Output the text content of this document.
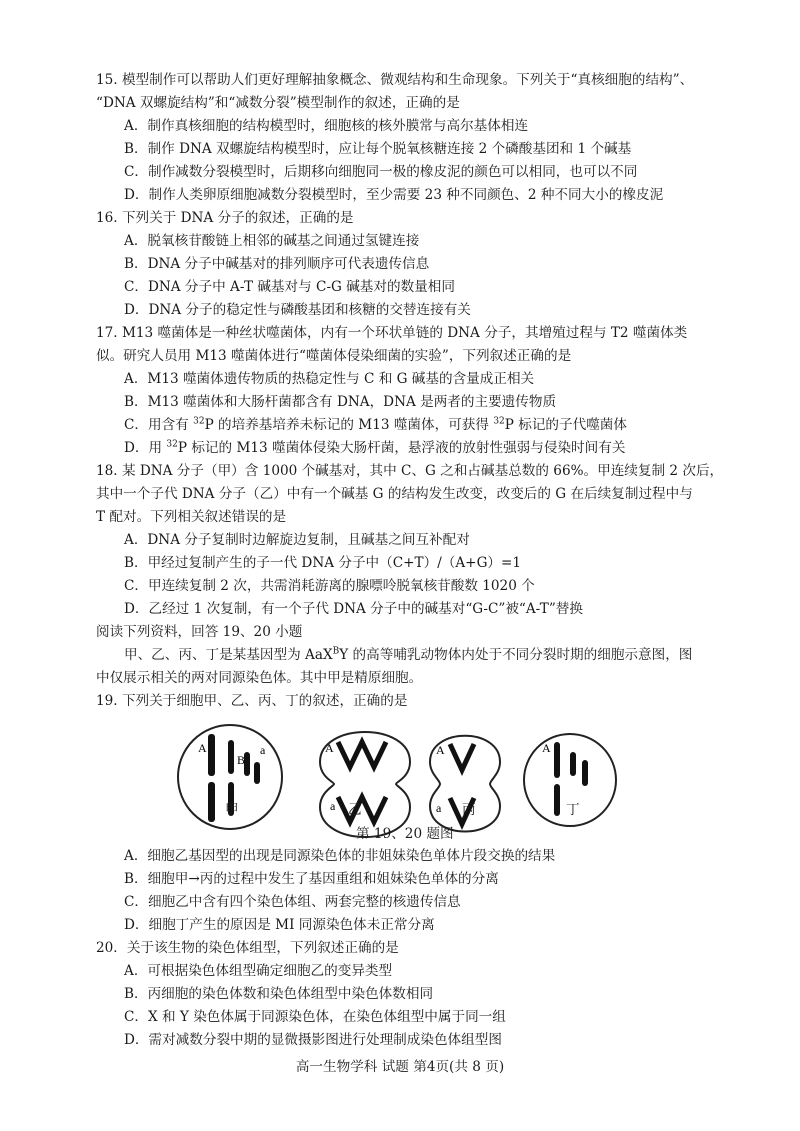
15. 模型制作可以帮助人们更好理解抽象概念、微观结构和生命现象。下列关于“真核细胞的结构”、
“DNA 双螺旋结构”和“减数分裂”模型制作的叙述，正确的是
A．制作真核细胞的结构模型时，细胞核的核外膜常与高尔基体相连
B．制作 DNA 双螺旋结构模型时，应让每个脱氧核糖连接 2 个磷酸基团和 1 个碱基
C．制作减数分裂模型时，后期移向细胞同一极的橡皮泥的颜色可以相同，也可以不同
D．制作人类卵原细胞减数分裂模型时，至少需要 23 种不同颜色、2 种不同大小的橡皮泥
16. 下列关于 DNA 分子的叙述，正确的是
A．脱氧核苷酸链上相邻的碱基之间通过氢键连接
B．DNA 分子中碱基对的排列顺序可代表遗传信息
C．DNA 分子中 A-T 碱基对与 C-G 碱基对的数量相同
D．DNA 分子的稳定性与磷酸基团和核糖的交替连接有关
17. M13 噬菌体是一种丝状噬菌体，内有一个环状单链的 DNA 分子，其增殖过程与 T2 噬菌体类
似。研究人员用 M13 噬菌体进行“噬菌体侵染细菌的实验”，下列叙述正确的是
A．M13 噬菌体遗传物质的热稳定性与 C 和 G 碱基的含量成正相关
B．M13 噬菌体和大肠杆菌都含有 DNA，DNA 是两者的主要遗传物质
C．用含有 $^{32}$P 的培养基培养未标记的 M13 噬菌体，可获得 $^{32}$P 标记的子代噬菌体
D．用 $^{32}$P 标记的 M13 噬菌体侵染大肠杆菌，悬浮液的放射性强弱与侵染时间有关
18. 某 DNA 分子（甲）含 1000 个碱基对，其中 C、G 之和占碱基总数的 66%。甲连续复制 2 次后，
其中一个子代 DNA 分子（乙）中有一个碱基 G 的结构发生改变，改变后的 G 在后续复制过程中与
T 配对。下列相关叙述错误的是
A．DNA 分子复制时边解旋边复制，且碱基之间互补配对
B．甲经过复制产生的子一代 DNA 分子中（C+T）/（A+G）=1
C．甲连续复制 2 次，共需消耗游离的腺嘌呤脱氧核苷酸数 1020 个
D．乙经过 1 次复制，有一个子代 DNA 分子中的碱基对“G-C”被“A-T”替换
阅读下列资料，回答 19、20 小题
甲、乙、丙、丁是某基因型为 AaX$^B$Y 的高等哺乳动物体内处于不同分裂时期的细胞示意图，图
中仅展示相关的两对同源染色体。其中甲是精原细胞。
19. 下列关于细胞甲、乙、丙、丁的叙述，正确的是
A
B
a	A
a
A
a
A
甲	乙	丙	丁
第 19、20 题图
A．细胞乙基因型的出现是同源染色体的非姐妹染色单体片段交换的结果
B．细胞甲→丙的过程中发生了基因重组和姐妹染色单体的分离
C．细胞乙中含有四个染色体组、两套完整的核遗传信息
D．细胞丁产生的原因是 MI 同源染色体未正常分离
20．关于该生物的染色体组型，下列叙述正确的是
A．可根据染色体组型确定细胞乙的变异类型
B．丙细胞的染色体数和染色体组型中染色体数相同
C．X 和 Y 染色体属于同源染色体，在染色体组型中属于同一组
D．需对减数分裂中期的显微摄影图进行处理制成染色体组型图
高一生物学科 试题 第4页(共 8 页)
